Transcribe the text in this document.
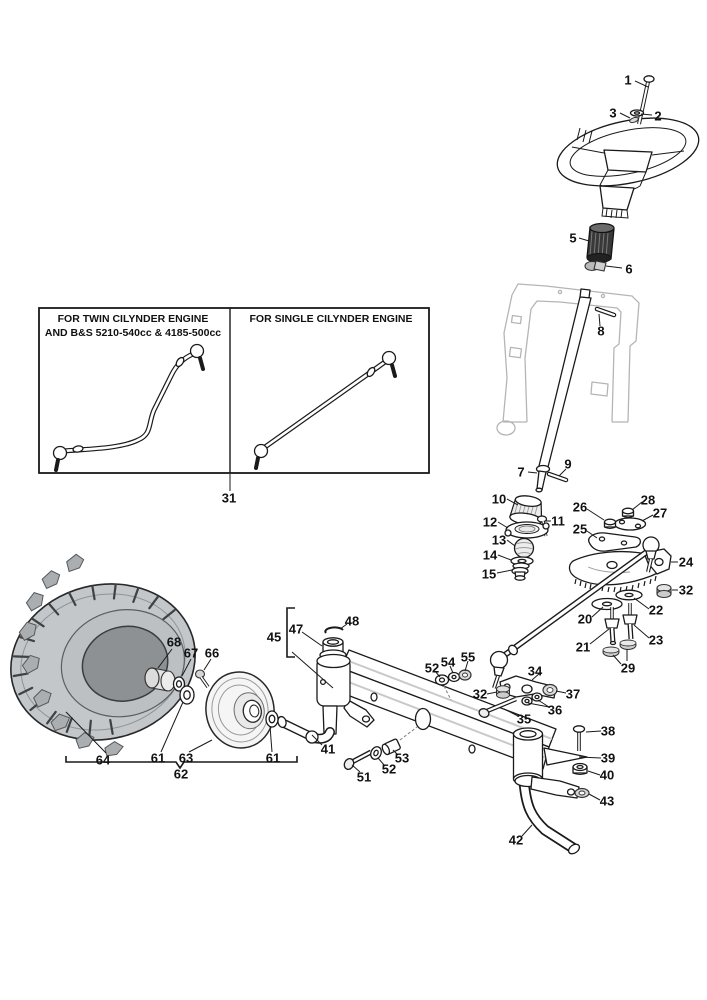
FOR TWIN CILYNDER ENGINE
AND B&S 5210-540cc & 4185-500cc
FOR SINGLE CILYNDER ENGINE
1
2
3
5
6
8
7
9
10
11
12
13
14
15
26	28
27
25
24
32
22
20
21	23
29
31
34
52 54 55
32	37
36
35
38
39
40
43
42
45
47
48
41
51
52
53
64	61 63
62
61
66
67
68
